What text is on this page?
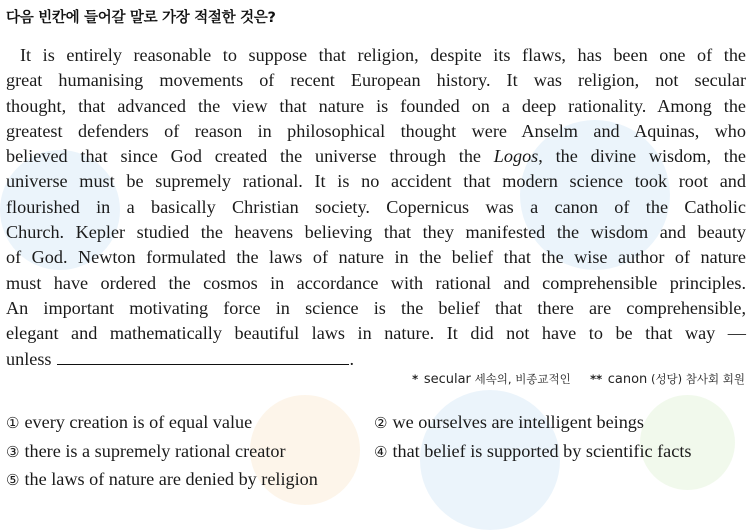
다음 빈칸에 들어갈 말로 가장 적절한 것은?
It is entirely reasonable to suppose that religion, despite its flaws, has been one of the
great humanising movements of recent European history. It was religion, not secular
thought, that advanced the view that nature is founded on a deep rationality. Among the
greatest defenders of reason in philosophical thought were Anselm and Aquinas, who
believed that since God created the universe through the Logos, the divine wisdom, the
universe must be supremely rational. It is no accident that modern science took root and
flourished in a basically Christian society. Copernicus was a canon of the Catholic
Church. Kepler studied the heavens believing that they manifested the wisdom and beauty
of God. Newton formulated the laws of nature in the belief that the wise author of nature
must have ordered the cosmos in accordance with rational and comprehensible principles.
An important motivating force in science is the belief that there are comprehensible,
elegant and mathematically beautiful laws in nature. It did not have to be that way —
unless	.
* secular 세속의, 비종교적인 ** canon (성당) 참사회 회원
① every creation is of equal value	② we ourselves are intelligent beings
③ there is a supremely rational creator	④ that belief is supported by scientific facts
⑤ the laws of nature are denied by religion
